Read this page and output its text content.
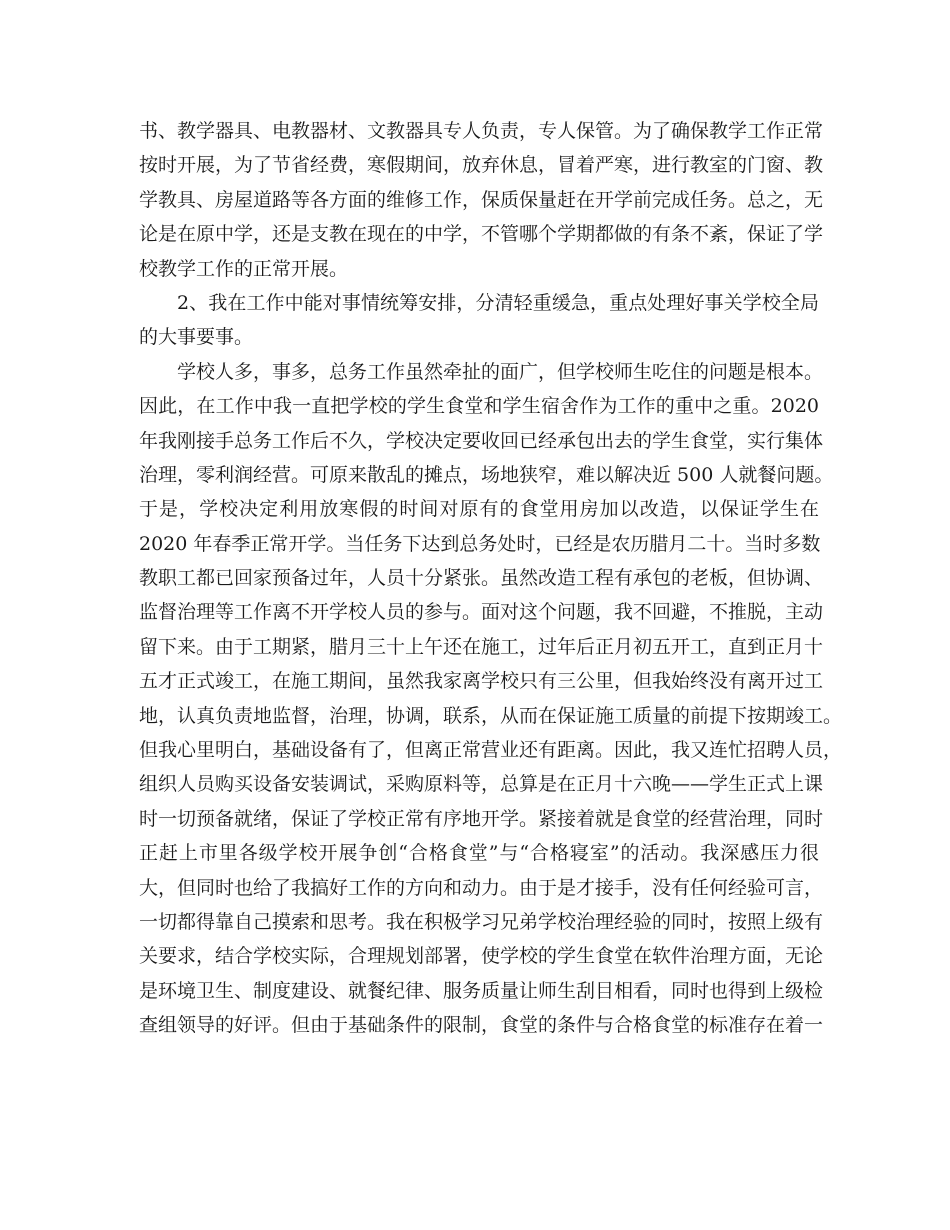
书、教学器具、电教器材、文教器具专人负责，专人保管。为了确保教学工作正常
按时开展，为了节省经费，寒假期间，放弃休息，冒着严寒，进行教室的门窗、教
学教具、房屋道路等各方面的维修工作，保质保量赶在开学前完成任务。总之，无
论是在原中学，还是支教在现在的中学，不管哪个学期都做的有条不紊，保证了学
校教学工作的正常开展。
2、我在工作中能对事情统筹安排，分清轻重缓急，重点处理好事关学校全局
的大事要事。
学校人多，事多，总务工作虽然牵扯的面广，但学校师生吃住的问题是根本。
因此，在工作中我一直把学校的学生食堂和学生宿舍作为工作的重中之重。2020
年我刚接手总务工作后不久，学校决定要收回已经承包出去的学生食堂，实行集体
治理，零利润经营。可原来散乱的摊点，场地狭窄，难以解决近 500 人就餐问题。
于是，学校决定利用放寒假的时间对原有的食堂用房加以改造，以保证学生在
2020 年春季正常开学。当任务下达到总务处时，已经是农历腊月二十。当时多数
教职工都已回家预备过年，人员十分紧张。虽然改造工程有承包的老板，但协调、
监督治理等工作离不开学校人员的参与。面对这个问题，我不回避，不推脱，主动
留下来。由于工期紧，腊月三十上午还在施工，过年后正月初五开工，直到正月十
五才正式竣工，在施工期间，虽然我家离学校只有三公里，但我始终没有离开过工
地，认真负责地监督，治理，协调，联系，从而在保证施工质量的前提下按期竣工。
但我心里明白，基础设备有了，但离正常营业还有距离。因此，我又连忙招聘人员，
组织人员购买设备安装调试，采购原料等，总算是在正月十六晚——学生正式上课
时一切预备就绪，保证了学校正常有序地开学。紧接着就是食堂的经营治理，同时
正赶上市里各级学校开展争创“合格食堂”与“合格寝室”的活动。我深感压力很
大，但同时也给了我搞好工作的方向和动力。由于是才接手，没有任何经验可言，
一切都得靠自己摸索和思考。我在积极学习兄弟学校治理经验的同时，按照上级有
关要求，结合学校实际，合理规划部署，使学校的学生食堂在软件治理方面，无论
是环境卫生、制度建设、就餐纪律、服务质量让师生刮目相看，同时也得到上级检
查组领导的好评。但由于基础条件的限制，食堂的条件与合格食堂的标准存在着一
